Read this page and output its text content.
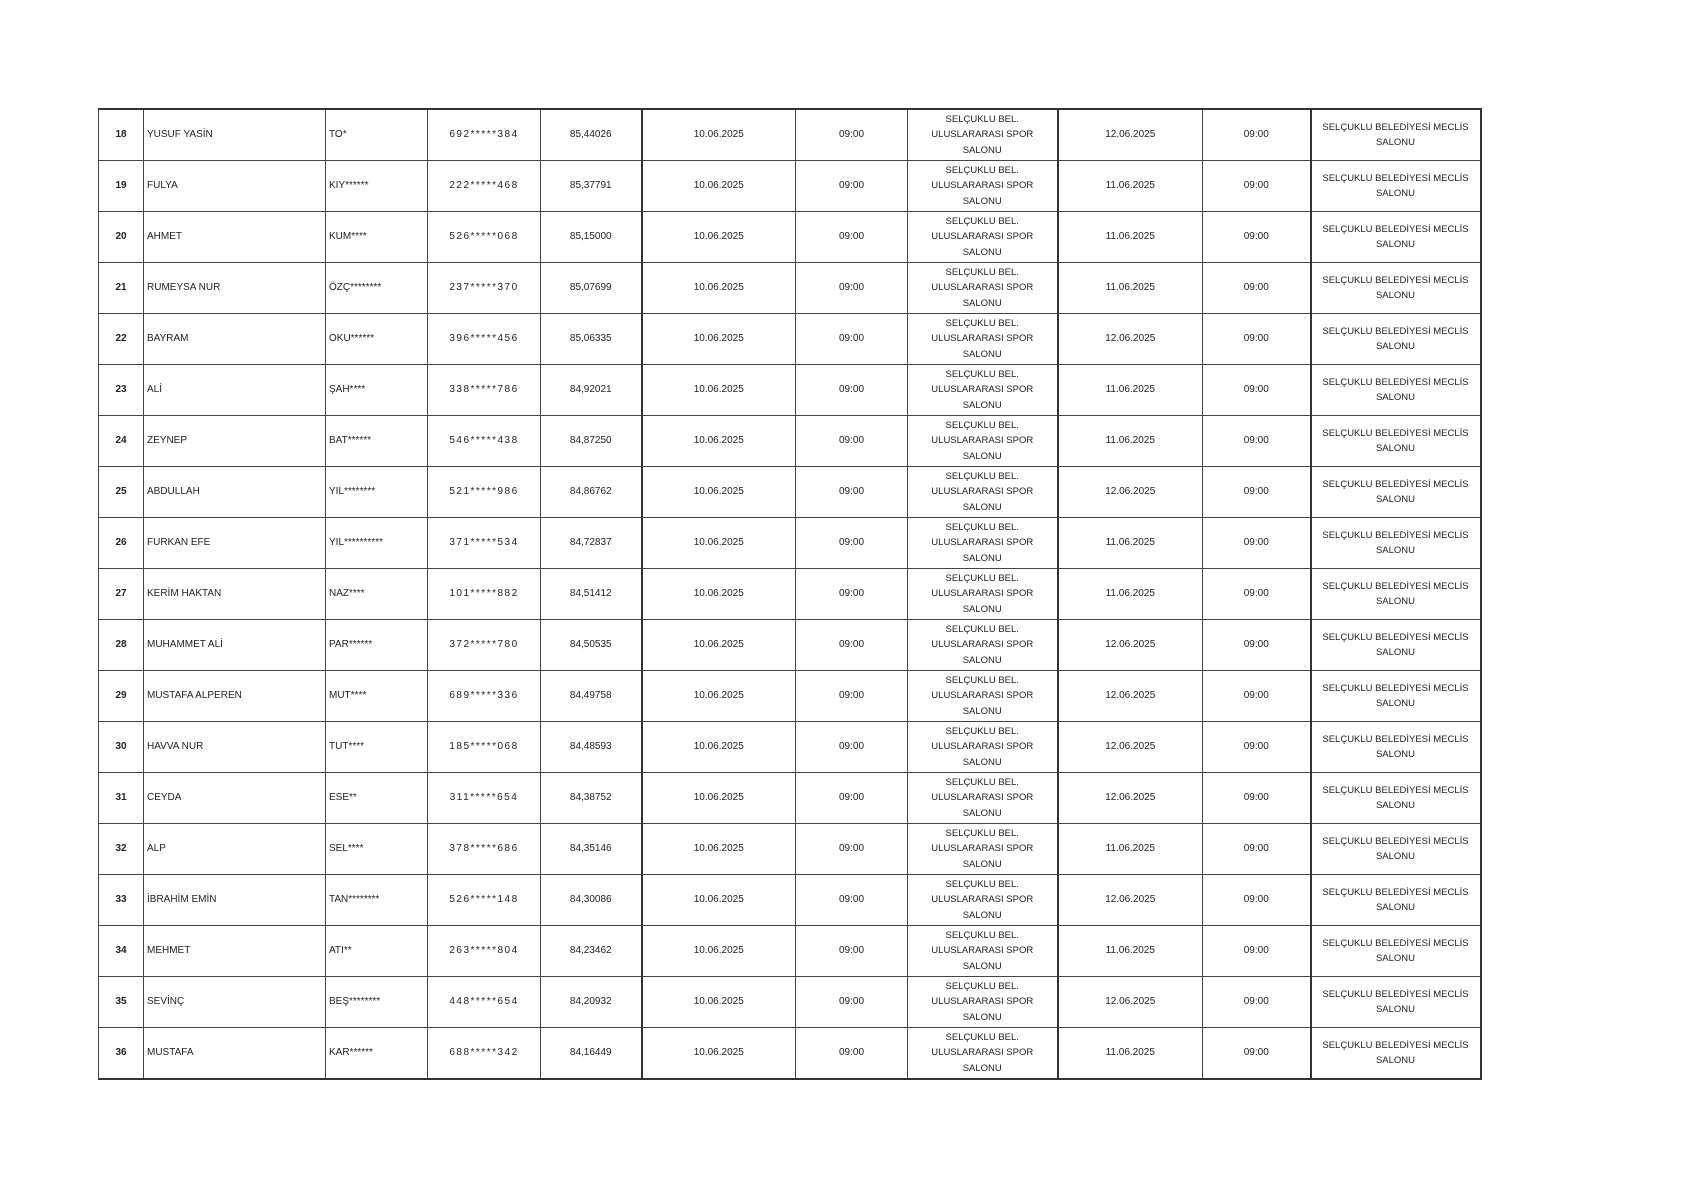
18	YUSUF YASİN	TO*	692*****384	85,44026	10.06.2025	09:00	SELÇUKLU BEL. ULUSLARARASI SPOR SALONU	12.06.2025	09:00	SELÇUKLU BELEDİYESİ MECLİS SALONU
19	FULYA	KIY******	222*****468	85,37791	10.06.2025	09:00	SELÇUKLU BEL. ULUSLARARASI SPOR SALONU	11.06.2025	09:00	SELÇUKLU BELEDİYESİ MECLİS SALONU
20	AHMET	KUM****	526*****068	85,15000	10.06.2025	09:00	SELÇUKLU BEL. ULUSLARARASI SPOR SALONU	11.06.2025	09:00	SELÇUKLU BELEDİYESİ MECLİS SALONU
21	RUMEYSA NUR	ÖZÇ********	237*****370	85,07699	10.06.2025	09:00	SELÇUKLU BEL. ULUSLARARASI SPOR SALONU	11.06.2025	09:00	SELÇUKLU BELEDİYESİ MECLİS SALONU
22	BAYRAM	OKU******	396*****456	85,06335	10.06.2025	09:00	SELÇUKLU BEL. ULUSLARARASI SPOR SALONU	12.06.2025	09:00	SELÇUKLU BELEDİYESİ MECLİS SALONU
23	ALİ	ŞAH****	338*****786	84,92021	10.06.2025	09:00	SELÇUKLU BEL. ULUSLARARASI SPOR SALONU	11.06.2025	09:00	SELÇUKLU BELEDİYESİ MECLİS SALONU
24	ZEYNEP	BAT******	546*****438	84,87250	10.06.2025	09:00	SELÇUKLU BEL. ULUSLARARASI SPOR SALONU	11.06.2025	09:00	SELÇUKLU BELEDİYESİ MECLİS SALONU
25	ABDULLAH	YIL********	521*****986	84,86762	10.06.2025	09:00	SELÇUKLU BEL. ULUSLARARASI SPOR SALONU	12.06.2025	09:00	SELÇUKLU BELEDİYESİ MECLİS SALONU
26	FURKAN EFE	YIL**********	371*****534	84,72837	10.06.2025	09:00	SELÇUKLU BEL. ULUSLARARASI SPOR SALONU	11.06.2025	09:00	SELÇUKLU BELEDİYESİ MECLİS SALONU
27	KERİM HAKTAN	NAZ****	101*****882	84,51412	10.06.2025	09:00	SELÇUKLU BEL. ULUSLARARASI SPOR SALONU	11.06.2025	09:00	SELÇUKLU BELEDİYESİ MECLİS SALONU
28	MUHAMMET ALİ	PAR******	372*****780	84,50535	10.06.2025	09:00	SELÇUKLU BEL. ULUSLARARASI SPOR SALONU	12.06.2025	09:00	SELÇUKLU BELEDİYESİ MECLİS SALONU
29	MUSTAFA ALPEREN	MUT****	689*****336	84,49758	10.06.2025	09:00	SELÇUKLU BEL. ULUSLARARASI SPOR SALONU	12.06.2025	09:00	SELÇUKLU BELEDİYESİ MECLİS SALONU
30	HAVVA NUR	TUT****	185*****068	84,48593	10.06.2025	09:00	SELÇUKLU BEL. ULUSLARARASI SPOR SALONU	12.06.2025	09:00	SELÇUKLU BELEDİYESİ MECLİS SALONU
31	CEYDA	ESE**	311*****654	84,38752	10.06.2025	09:00	SELÇUKLU BEL. ULUSLARARASI SPOR SALONU	12.06.2025	09:00	SELÇUKLU BELEDİYESİ MECLİS SALONU
32	ALP	SEL****	378*****686	84,35146	10.06.2025	09:00	SELÇUKLU BEL. ULUSLARARASI SPOR SALONU	11.06.2025	09:00	SELÇUKLU BELEDİYESİ MECLİS SALONU
33	İBRAHİM EMİN	TAN********	526*****148	84,30086	10.06.2025	09:00	SELÇUKLU BEL. ULUSLARARASI SPOR SALONU	12.06.2025	09:00	SELÇUKLU BELEDİYESİ MECLİS SALONU
34	MEHMET	ATI**	263*****804	84,23462	10.06.2025	09:00	SELÇUKLU BEL. ULUSLARARASI SPOR SALONU	11.06.2025	09:00	SELÇUKLU BELEDİYESİ MECLİS SALONU
35	SEVİNÇ	BEŞ********	448*****654	84,20932	10.06.2025	09:00	SELÇUKLU BEL. ULUSLARARASI SPOR SALONU	12.06.2025	09:00	SELÇUKLU BELEDİYESİ MECLİS SALONU
36	MUSTAFA	KAR******	688*****342	84,16449	10.06.2025	09:00	SELÇUKLU BEL. ULUSLARARASI SPOR SALONU	11.06.2025	09:00	SELÇUKLU BELEDİYESİ MECLİS SALONU
